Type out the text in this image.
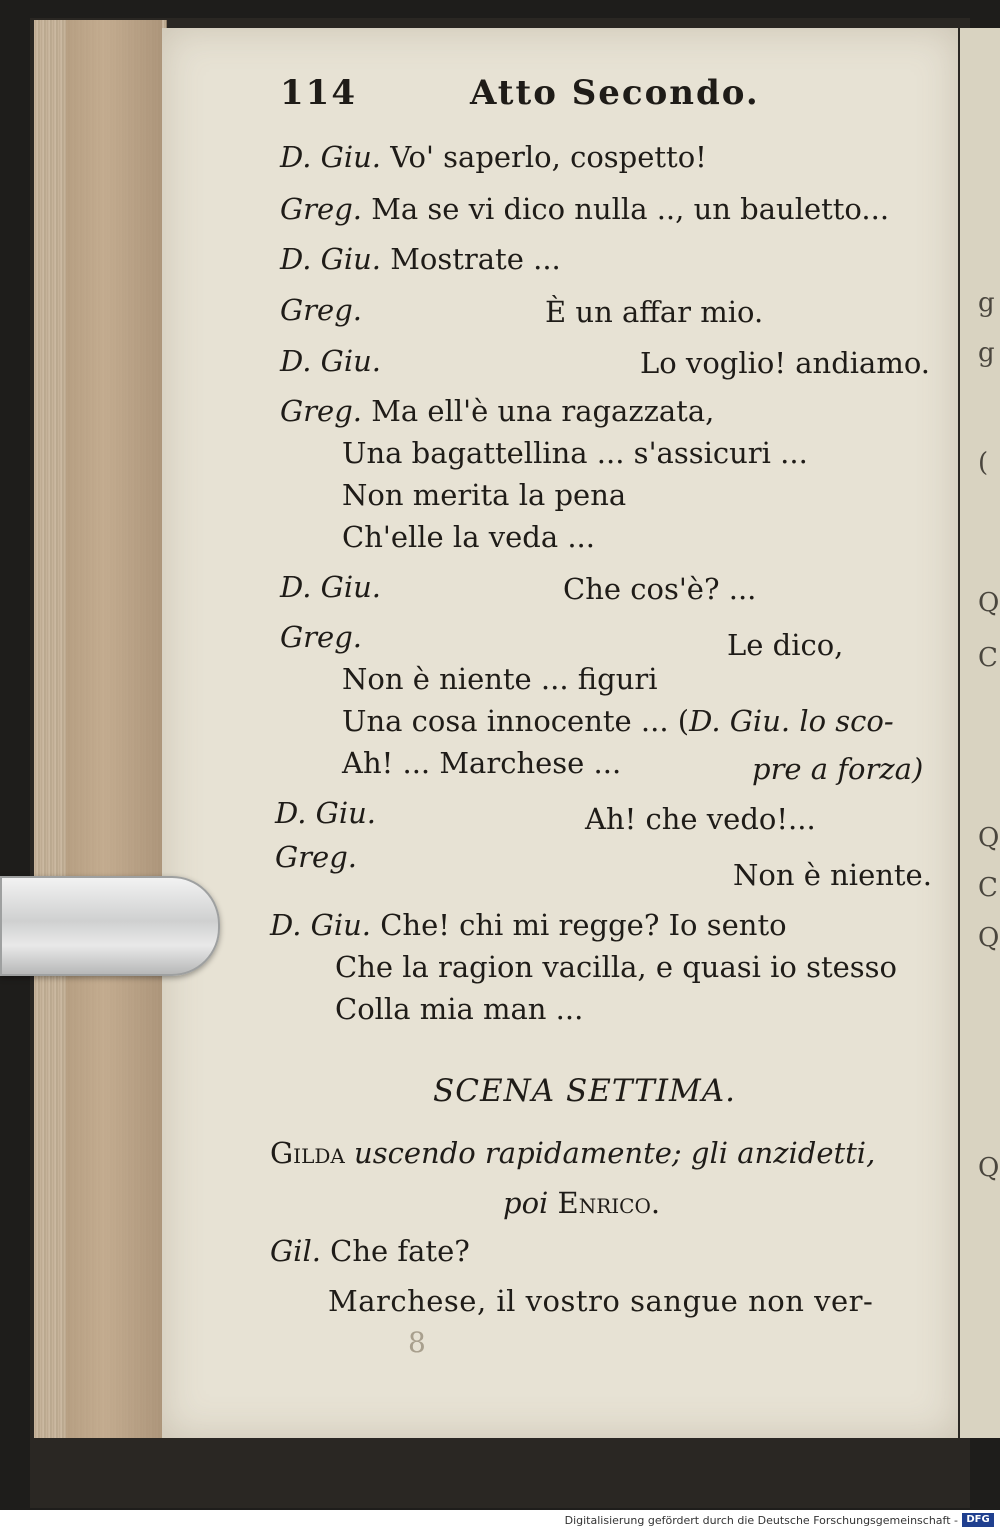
g
g
(
Q
C
Q
C
Q
Q
114	Atto Secondo.
D. Giu. Vo' saperlo, cospetto!
Greg. Ma se vi dico nulla .., un bauletto...
D. Giu. Mostrate ...
Greg.	È un affar mio.
D. Giu.	Lo voglio! andiamo.
Greg. Ma ell'è una ragazzata,
Una bagattellina ... s'assicuri ...
Non merita la pena
Ch'elle la veda ...
D. Giu.	Che cos'è? ...
Greg.	Le dico,
Non è niente ... figuri
Una cosa innocente ... (D. Giu. lo sco-
Ah! ... Marchese ...	pre a forza)
D. Giu.	Ah! che vedo!...
Greg.
Non è niente.
D. Giu. Che! chi mi regge? Io sento
Che la ragion vacilla, e quasi io stesso
Colla mia man ...
SCENA SETTIMA.
Gilda uscendo rapidamente; gli anzidetti,
poi Enrico.
Gil. Che fate?
Marchese, il vostro sangue non ver-
8
Digitalisierung gefördert durch die Deutsche Forschungsgemeinschaft - DFG
